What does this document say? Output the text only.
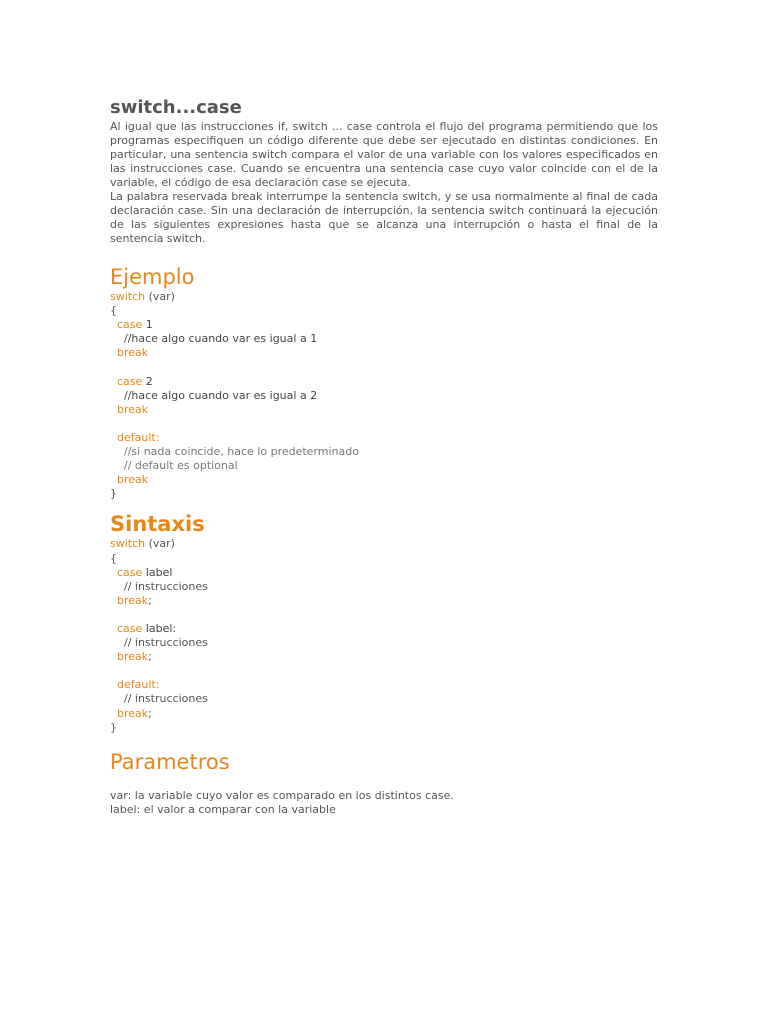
switch...case

Al igual que las instrucciones if, switch ... case controla el flujo del programa permitiendo que los programas especifiquen un código diferente que debe ser ejecutado en distintas condiciones. En particular, una sentencia switch compara el valor de una variable con los valores especificados en las instrucciones case. Cuando se encuentra una sentencia case cuyo valor coincide con el de la variable, el código de esa declaración case se ejecuta.

La palabra reservada break interrumpe la sentencia switch, y se usa normalmente al final de cada declaración case. Sin una declaración de interrupción, la sentencia switch continuará la ejecución de las siguientes expresiones hasta que se alcanza una interrupción o hasta el final de la sentencia switch.

Ejemplo
switch (var)
{
case 1
//hace algo cuando var es igual a 1
break

case 2
//hace algo cuando var es igual a 2
break

default:
//si nada coincide, hace lo predeterminado
// default es optional
break
}
Sintaxis
switch (var)
{
case label
// instrucciones
break;

case label:
// instrucciones
break;

default:
// instrucciones
break;
}
Parametros

var: la variable cuyo valor es comparado en los distintos case.

label: el valor a comparar con la variable
